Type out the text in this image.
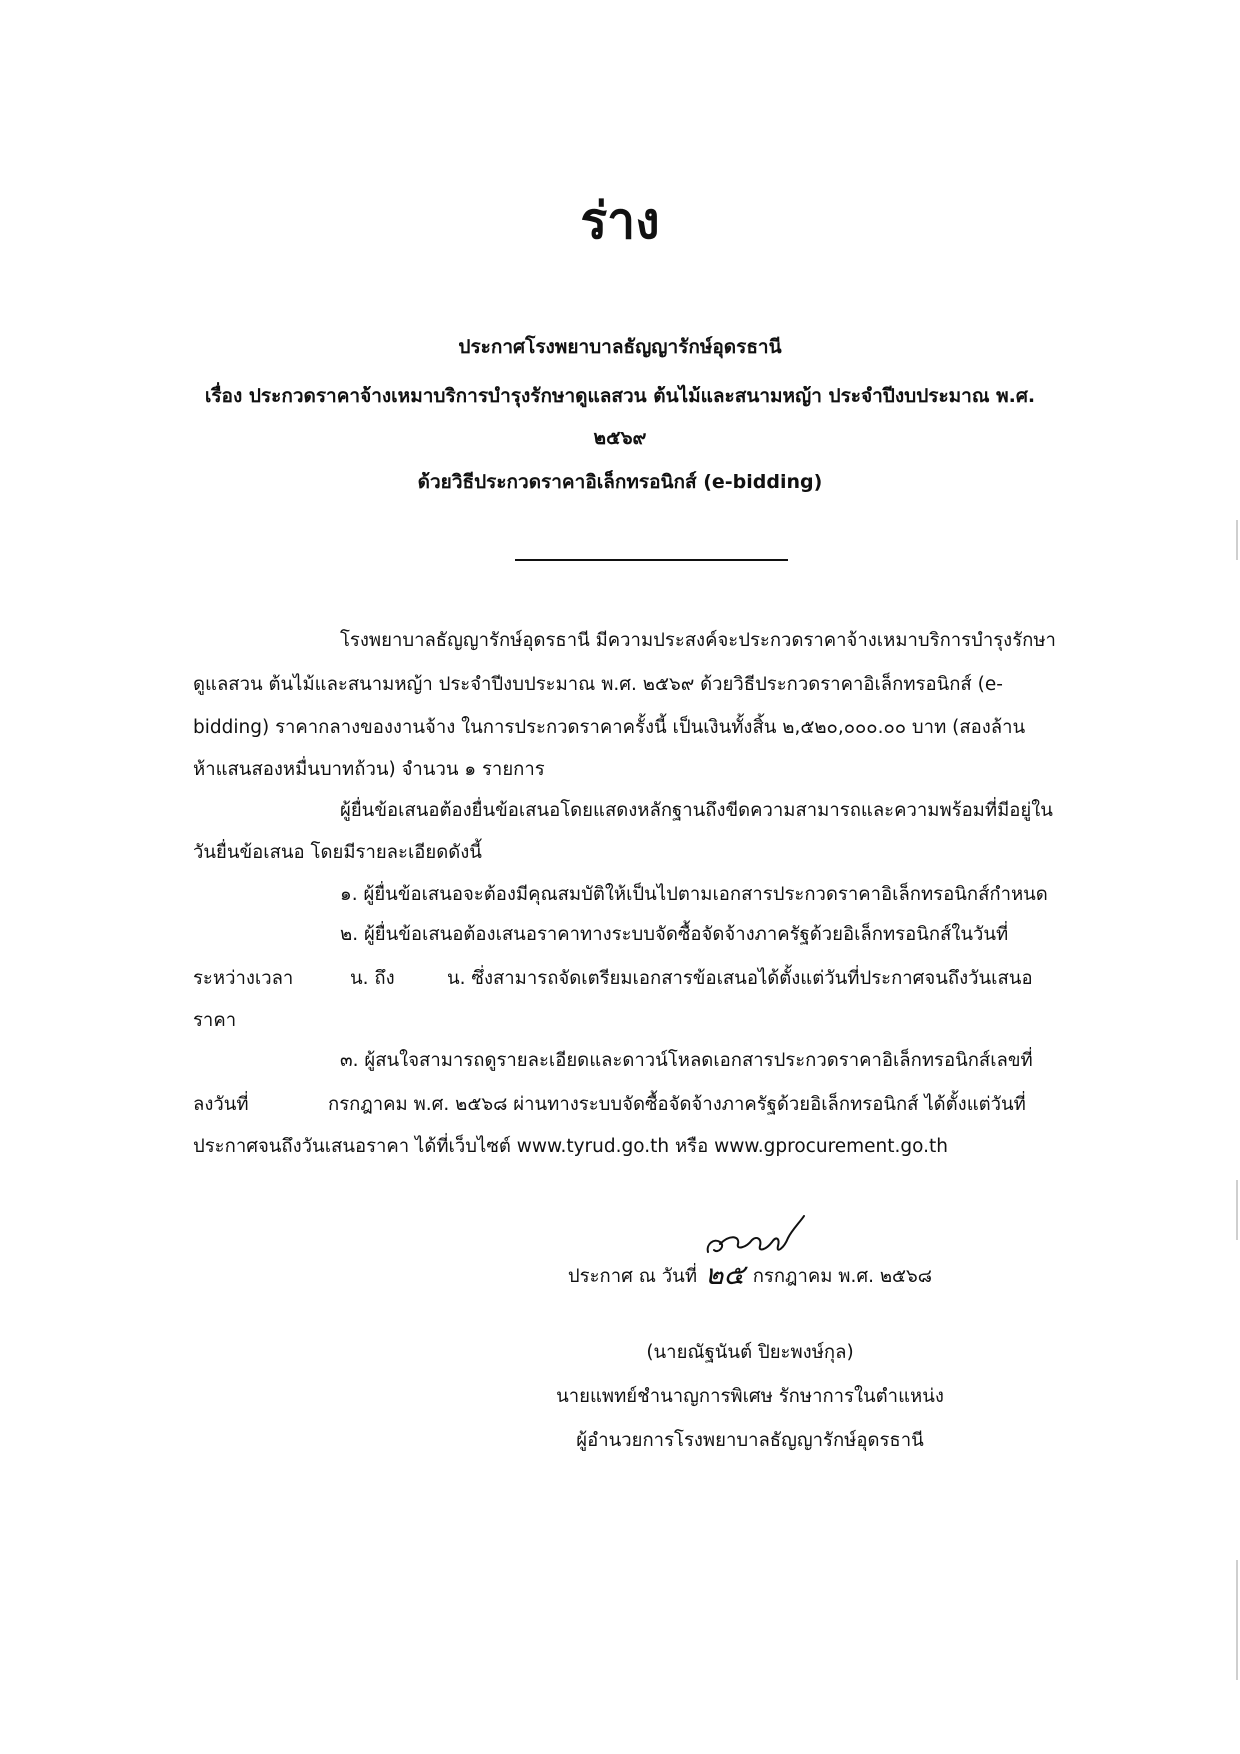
ร่าง
ประกาศโรงพยาบาลธัญญารักษ์อุดรธานี
เรื่อง ประกวดราคาจ้างเหมาบริการบำรุงรักษาดูแลสวน ต้นไม้และสนามหญ้า ประจำปีงบประมาณ พ.ศ.
๒๕๖๙
ด้วยวิธีประกวดราคาอิเล็กทรอนิกส์ (e-bidding)
โรงพยาบาลธัญญารักษ์อุดรธานี มีความประสงค์จะประกวดราคาจ้างเหมาบริการบำรุงรักษา
ดูแลสวน ต้นไม้และสนามหญ้า ประจำปีงบประมาณ พ.ศ. ๒๕๖๙ ด้วยวิธีประกวดราคาอิเล็กทรอนิกส์ (e-
bidding) ราคากลางของงานจ้าง ในการประกวดราคาครั้งนี้ เป็นเงินทั้งสิ้น ๒,๕๒๐,๐๐๐.๐๐ บาท (สองล้าน
ห้าแสนสองหมื่นบาทถ้วน) จำนวน ๑ รายการ
ผู้ยื่นข้อเสนอต้องยื่นข้อเสนอโดยแสดงหลักฐานถึงขีดความสามารถและความพร้อมที่มีอยู่ใน
วันยื่นข้อเสนอ โดยมีรายละเอียดดังนี้
๑. ผู้ยื่นข้อเสนอจะต้องมีคุณสมบัติให้เป็นไปตามเอกสารประกวดราคาอิเล็กทรอนิกส์กำหนด
๒. ผู้ยื่นข้อเสนอต้องเสนอราคาทางระบบจัดซื้อจัดจ้างภาครัฐด้วยอิเล็กทรอนิกส์ในวันที่
ระหว่างเวลา	น. ถึง	น. ซึ่งสามารถจัดเตรียมเอกสารข้อเสนอได้ตั้งแต่วันที่ประกาศจนถึงวันเสนอ
ราคา
๓. ผู้สนใจสามารถดูรายละเอียดและดาวน์โหลดเอกสารประกวดราคาอิเล็กทรอนิกส์เลขที่
ลงวันที่	กรกฎาคม พ.ศ. ๒๕๖๘ ผ่านทางระบบจัดซื้อจัดจ้างภาครัฐด้วยอิเล็กทรอนิกส์ ได้ตั้งแต่วันที่
ประกาศจนถึงวันเสนอราคา ได้ที่เว็บไซต์ www.tyrud.go.th หรือ www.gprocurement.go.th
ประกาศ ณ วันที่ ๒๕ กรกฎาคม พ.ศ. ๒๕๖๘
(นายณัฐนันต์ ปิยะพงษ์กุล)
นายแพทย์ชำนาญการพิเศษ รักษาการในตำแหน่ง
ผู้อำนวยการโรงพยาบาลธัญญารักษ์อุดรธานี
